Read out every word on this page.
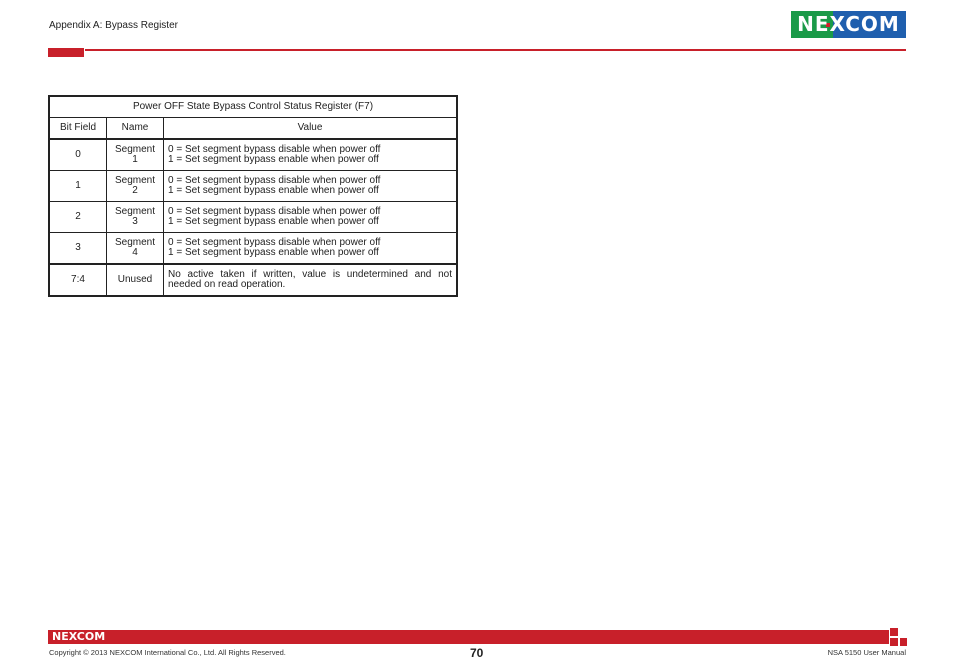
Appendix A: Bypass Register	NEXCOM
Power OFF State Bypass Control Status Register (F7)		
Bit Field	Name	Value
0	Segment 1	0 = Set segment bypass disable when power off
1 = Set segment bypass enable when power off

1	Segment 2	0 = Set segment bypass disable when power off
1 = Set segment bypass enable when power off

2	Segment 3	0 = Set segment bypass disable when power off
1 = Set segment bypass enable when power off

3	Segment 4	0 = Set segment bypass disable when power off
1 = Set segment bypass enable when power off

7:4	Unused	No active taken if written, value is undetermined and not needed on read operation.
NEXCOM
Copyright © 2013 NEXCOM International Co., Ltd. All Rights Reserved.	70	NSA 5150 User Manual
